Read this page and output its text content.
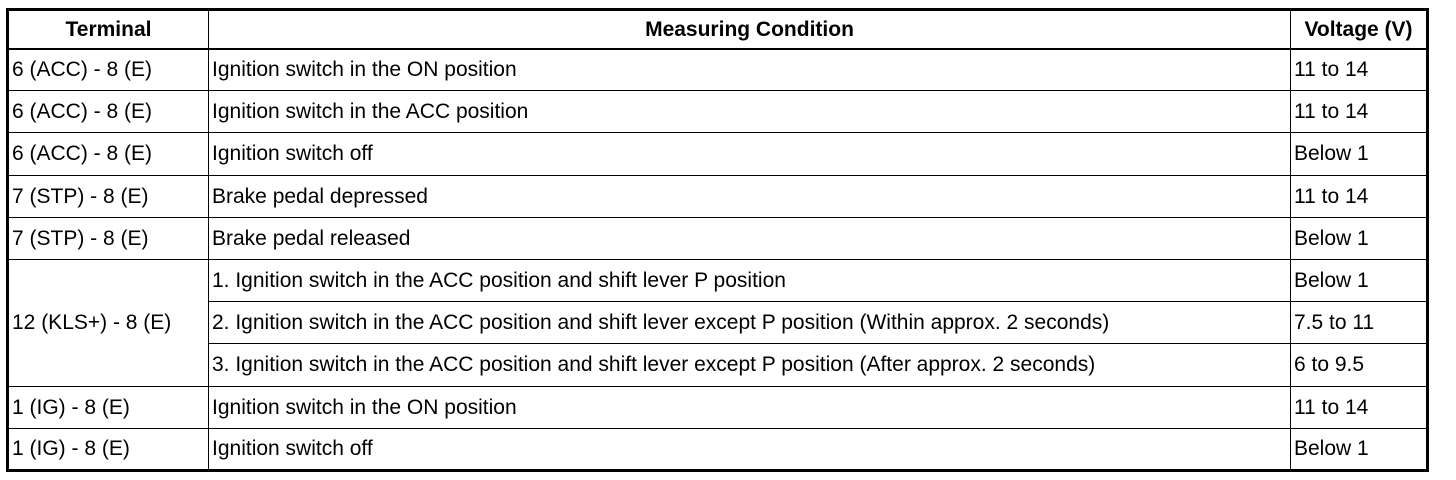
Terminal	Measuring Condition	Voltage (V)
6 (ACC) - 8 (E)	Ignition switch in the ON position	11 to 14
6 (ACC) - 8 (E)	Ignition switch in the ACC position	11 to 14
6 (ACC) - 8 (E)	Ignition switch off	Below 1
7 (STP) - 8 (E)	Brake pedal depressed	11 to 14
7 (STP) - 8 (E)	Brake pedal released	Below 1
12 (KLS+) - 8 (E)	1. Ignition switch in the ACC position and shift lever P position	Below 1
	2. Ignition switch in the ACC position and shift lever except P position (Within approx. 2 seconds)	7.5 to 11
	3. Ignition switch in the ACC position and shift lever except P position (After approx. 2 seconds)	6 to 9.5
1 (IG) - 8 (E)	Ignition switch in the ON position	11 to 14
1 (IG) - 8 (E)	Ignition switch off	Below 1
